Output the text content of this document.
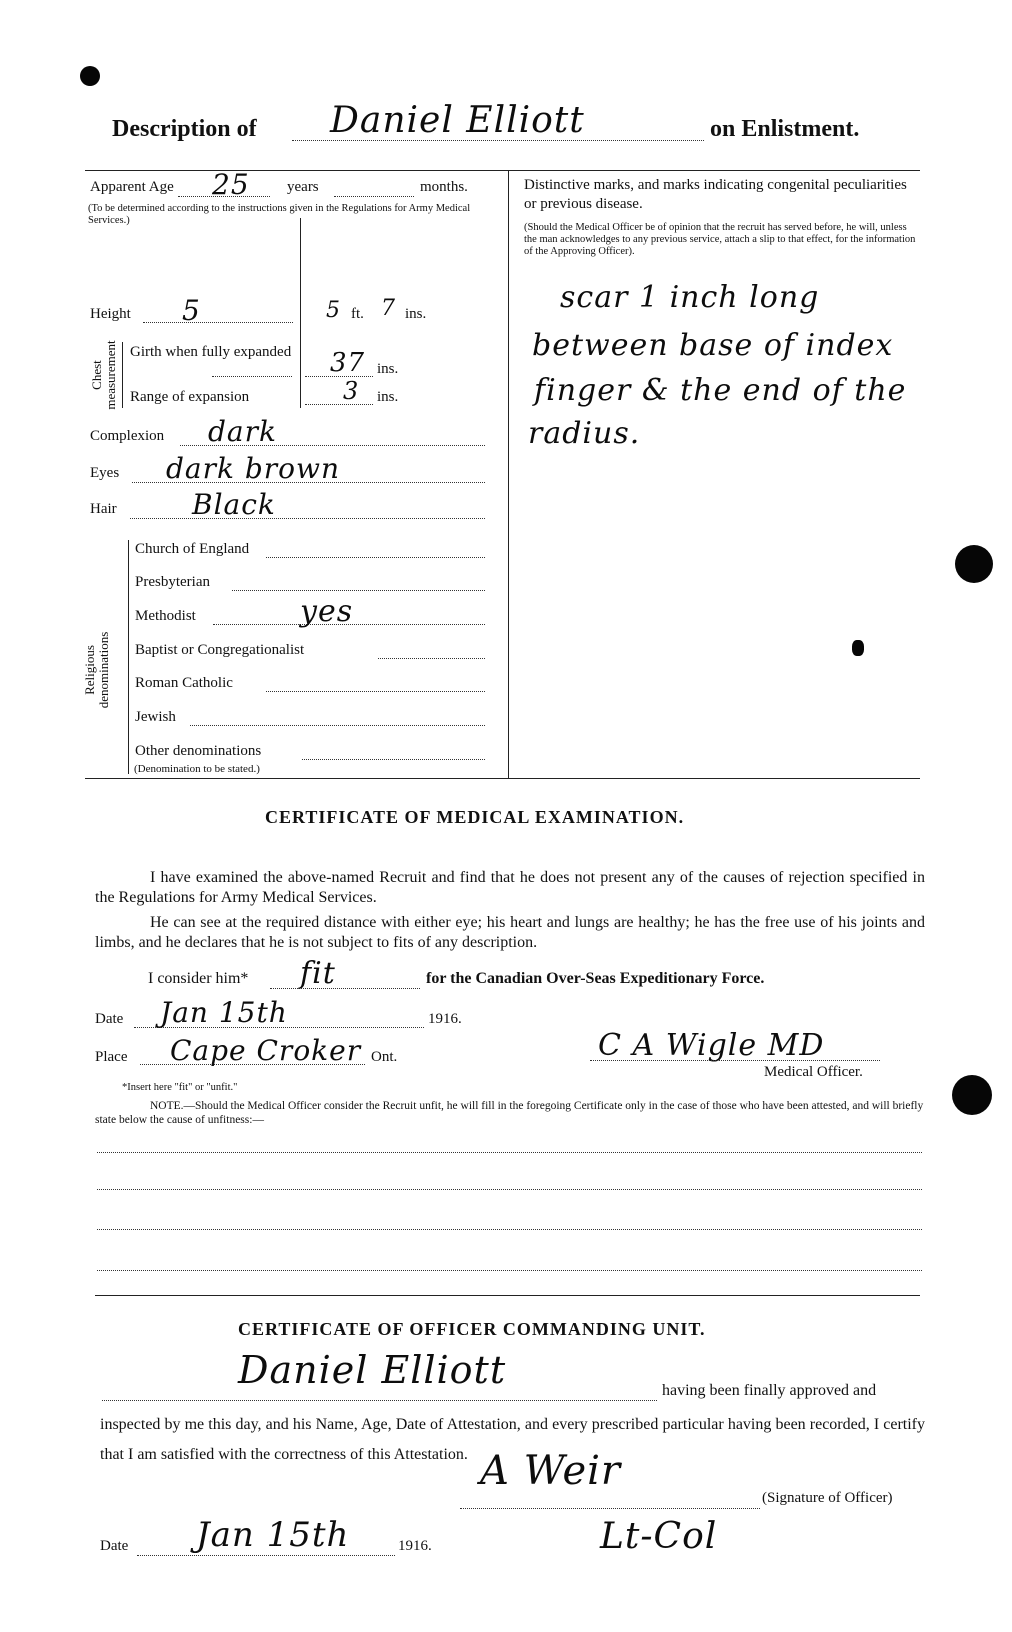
Description of Daniel Elliott	on Enlistment.
Apparent Age 25 years	months.
(To be determined according to the instructions given in the Regulations for Army Medical Services.)
Height 5	5 ft. 7 ins.
Chest measurement Girth when fully expanded	37 ins.
Range of expansion	3 ins.
Complexion dark
Eyes dark brown
Hair	Black
Religious denominations
Church of England
Presbyterian
Methodist	yes
Baptist or Congregationalist
Roman Catholic
Jewish
Other denominations
(Denomination to be stated.)
Distinctive marks, and marks indicating congenital peculiarities or previous disease.
(Should the Medical Officer be of opinion that the recruit has served before, he will, unless the man acknowledges to any previous service, attach a slip to that effect, for the information of the Approving Officer).
scar 1 inch long
between base of index
finger & the end of the
radius.
CERTIFICATE OF MEDICAL EXAMINATION.
I have examined the above-named Recruit and find that he does not present any of the causes of rejection specified in the Regulations for Army Medical Services.
He can see at the required distance with either eye; his heart and lungs are healthy; he has the free use of his joints and limbs, and he declares that he is not subject to fits of any description.
I consider him* fit	for the Canadian Over-Seas Expeditionary Force.
Date Jan 15th	1916.
Place Cape Croker Ont.	C A Wigle MD
Medical Officer.
*Insert here "fit" or "unfit."
NOTE.—Should the Medical Officer consider the Recruit unfit, he will fill in the foregoing Certificate only in the case of those who have been attested, and will briefly state below the cause of unfitness:—
CERTIFICATE OF OFFICER COMMANDING UNIT.
Daniel Elliott	having been finally approved and
inspected by me this day, and his Name, Age, Date of Attestation, and every prescribed particular having been recorded, I certify that I am satisfied with the correctness of this Attestation. A Weir
(Signature of Officer)
Date Jan 15th	1916.	Lt-Col
